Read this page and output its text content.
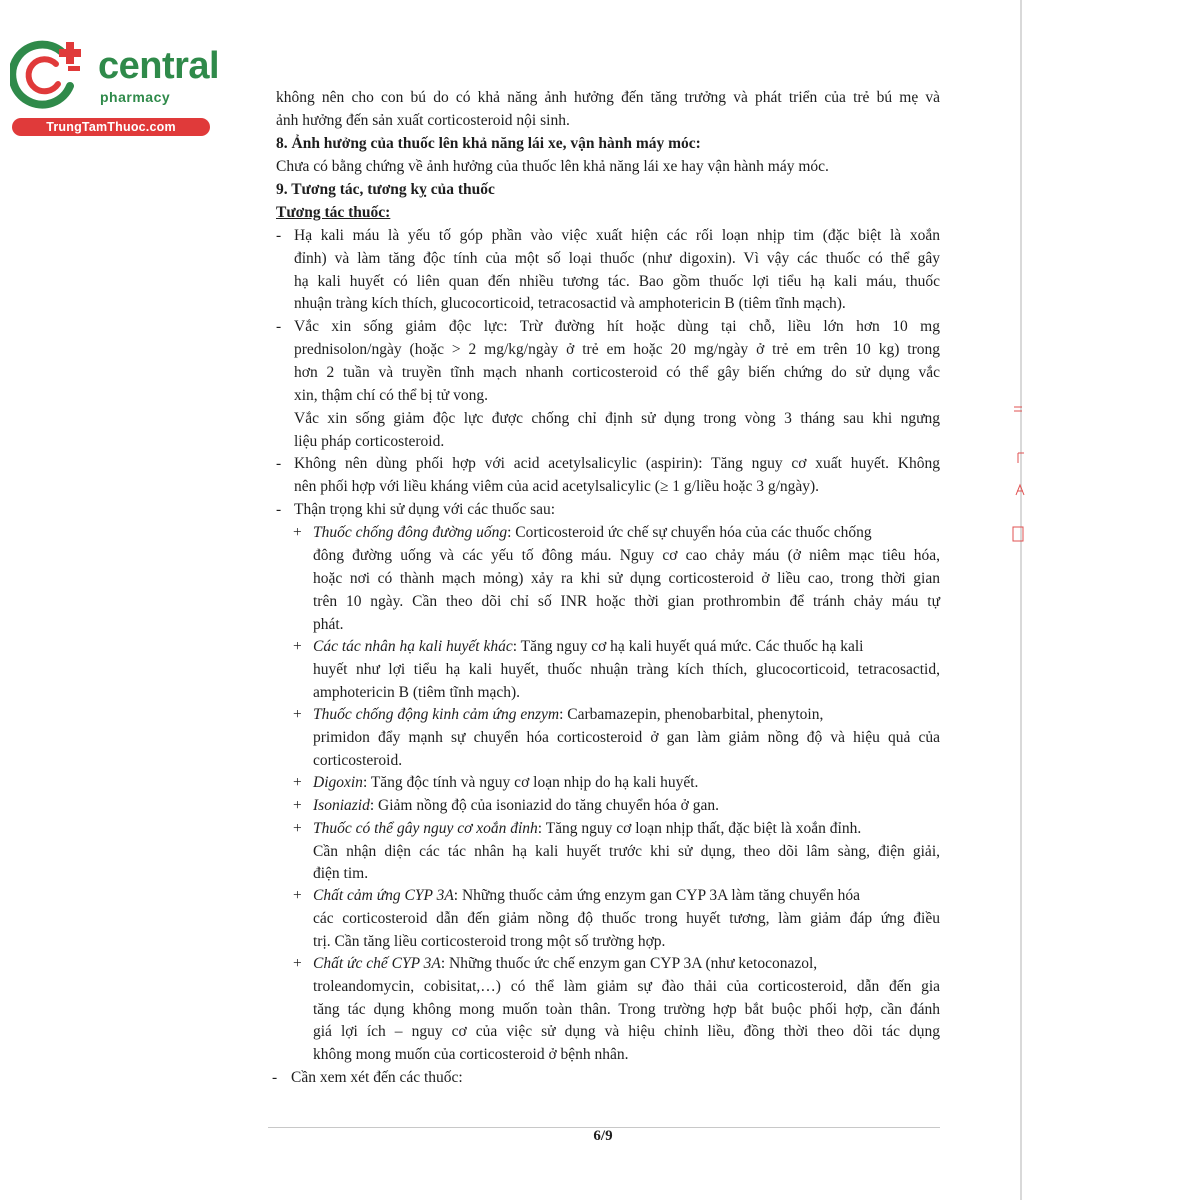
central
pharmacy
TrungTamThuoc.com
không nên cho con bú do có khả năng ảnh hưởng đến tăng trưởng và phát triển của trẻ bú mẹ và
ảnh hưởng đến sản xuất corticosteroid nội sinh.
8. Ảnh hưởng của thuốc lên khả năng lái xe, vận hành máy móc:
Chưa có bằng chứng về ảnh hưởng của thuốc lên khả năng lái xe hay vận hành máy móc.
9. Tương tác, tương kỵ của thuốc
Tương tác thuốc:
- Hạ kali máu là yếu tố góp phần vào việc xuất hiện các rối loạn nhịp tim (đặc biệt là xoắn
đỉnh) và làm tăng độc tính của một số loại thuốc (như digoxin). Vì vậy các thuốc có thể gây
hạ kali huyết có liên quan đến nhiều tương tác. Bao gồm thuốc lợi tiểu hạ kali máu, thuốc
nhuận tràng kích thích, glucocorticoid, tetracosactid và amphotericin B (tiêm tĩnh mạch).
- Vắc xin sống giảm độc lực: Trừ đường hít hoặc dùng tại chỗ, liều lớn hơn 10 mg
prednisolon/ngày (hoặc > 2 mg/kg/ngày ở trẻ em hoặc 20 mg/ngày ở trẻ em trên 10 kg) trong
hơn 2 tuần và truyền tĩnh mạch nhanh corticosteroid có thể gây biến chứng do sử dụng vắc
xin, thậm chí có thể bị tử vong.
Vắc xin sống giảm độc lực được chống chỉ định sử dụng trong vòng 3 tháng sau khi ngưng
liệu pháp corticosteroid.
- Không nên dùng phối hợp với acid acetylsalicylic (aspirin): Tăng nguy cơ xuất huyết. Không
nên phối hợp với liều kháng viêm của acid acetylsalicylic (≥ 1 g/liều hoặc 3 g/ngày).
- Thận trọng khi sử dụng với các thuốc sau:
+ Thuốc chống đông đường uống: Corticosteroid ức chế sự chuyển hóa của các thuốc chống
đông đường uống và các yếu tố đông máu. Nguy cơ cao chảy máu (ở niêm mạc tiêu hóa,
hoặc nơi có thành mạch mỏng) xảy ra khi sử dụng corticosteroid ở liều cao, trong thời gian
trên 10 ngày. Cần theo dõi chỉ số INR hoặc thời gian prothrombin để tránh chảy máu tự
phát.
+ Các tác nhân hạ kali huyết khác: Tăng nguy cơ hạ kali huyết quá mức. Các thuốc hạ kali
huyết như lợi tiểu hạ kali huyết, thuốc nhuận tràng kích thích, glucocorticoid, tetracosactid,
amphotericin B (tiêm tĩnh mạch).
+ Thuốc chống động kinh cảm ứng enzym: Carbamazepin, phenobarbital, phenytoin,
primidon đẩy mạnh sự chuyển hóa corticosteroid ở gan làm giảm nồng độ và hiệu quả của
corticosteroid.
+ Digoxin: Tăng độc tính và nguy cơ loạn nhịp do hạ kali huyết.
+ Isoniazid: Giảm nồng độ của isoniazid do tăng chuyển hóa ở gan.
+ Thuốc có thể gây nguy cơ xoắn đỉnh: Tăng nguy cơ loạn nhịp thất, đặc biệt là xoắn đỉnh.
Cần nhận diện các tác nhân hạ kali huyết trước khi sử dụng, theo dõi lâm sàng, điện giải,
điện tim.
+ Chất cảm ứng CYP 3A: Những thuốc cảm ứng enzym gan CYP 3A làm tăng chuyển hóa
các corticosteroid dẫn đến giảm nồng độ thuốc trong huyết tương, làm giảm đáp ứng điều
trị. Cần tăng liều corticosteroid trong một số trường hợp.
+ Chất ức chế CYP 3A: Những thuốc ức chế enzym gan CYP 3A (như ketoconazol,
troleandomycin, cobisitat,…) có thể làm giảm sự đào thải của corticosteroid, dẫn đến gia
tăng tác dụng không mong muốn toàn thân. Trong trường hợp bắt buộc phối hợp, cần đánh
giá lợi ích – nguy cơ của việc sử dụng và hiệu chỉnh liều, đồng thời theo dõi tác dụng
không mong muốn của corticosteroid ở bệnh nhân.
- Cần xem xét đến các thuốc:
6/9
